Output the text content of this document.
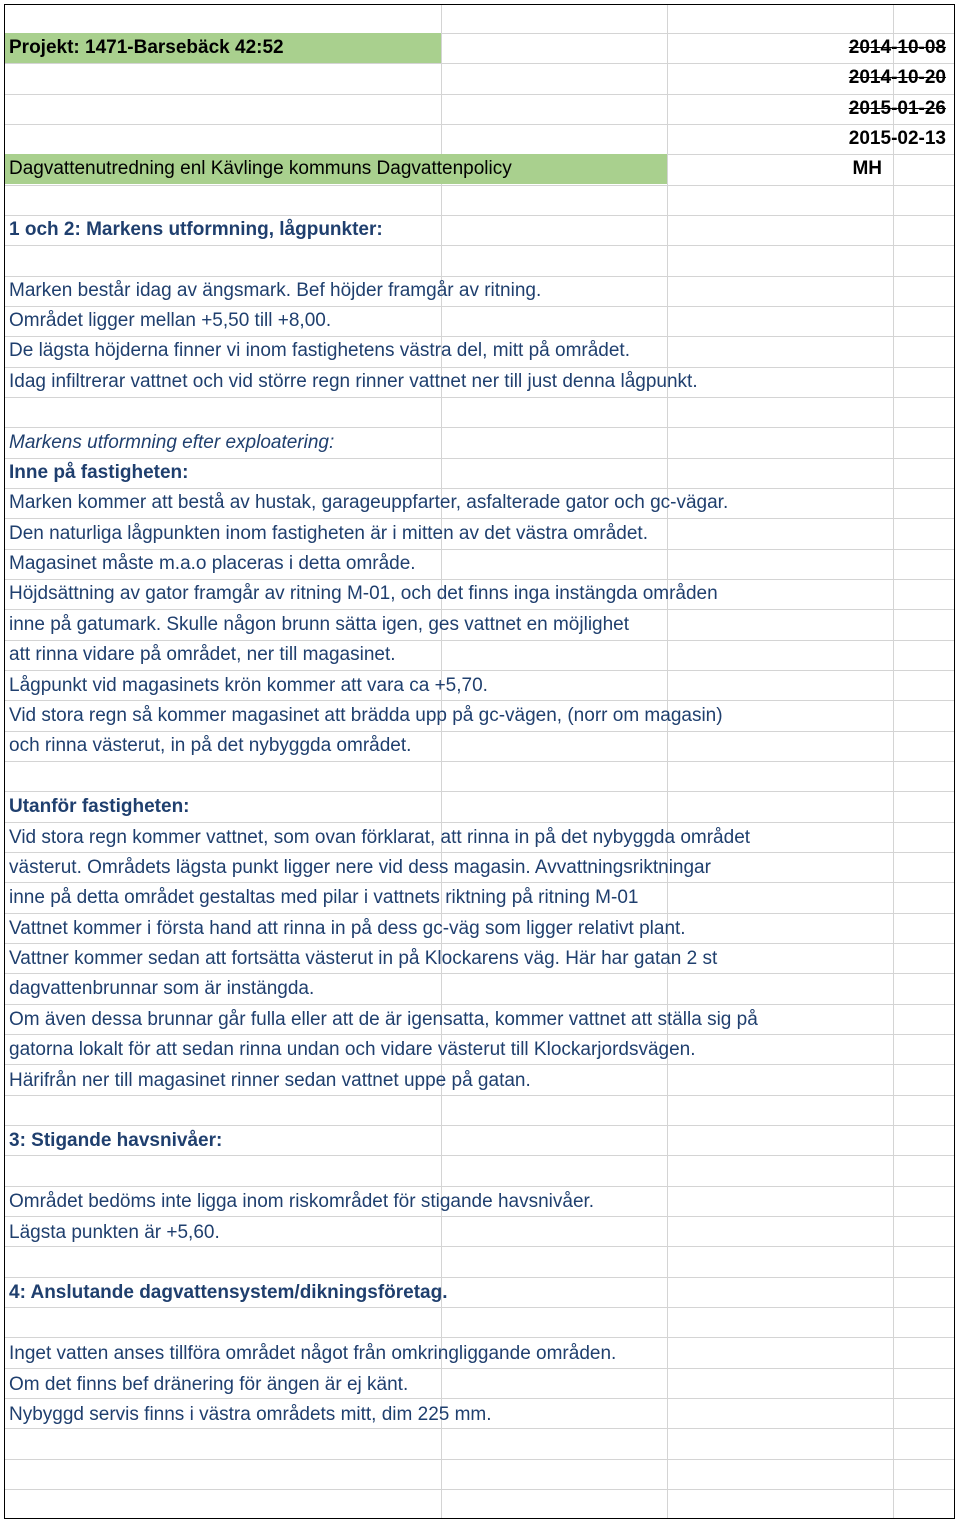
Projekt: 1471-Barsebäck 42:52
Dagvattenutredning enl Kävlinge kommuns Dagvattenpolicy
2014-10-08
2014-10-20
2015-01-26
2015-02-13
MH
1 och 2: Markens utformning, lågpunkter:
Marken består idag av ängsmark. Bef höjder framgår av ritning.
Området ligger mellan +5,50 till +8,00.
De lägsta höjderna finner vi inom fastighetens västra del, mitt på området.
Idag infiltrerar vattnet och vid större regn rinner vattnet ner till just denna lågpunkt.
Markens utformning efter exploatering:
Inne på fastigheten:
Marken kommer att bestå av hustak, garageuppfarter, asfalterade gator och gc-vägar.
Den naturliga lågpunkten inom fastigheten är i mitten av det västra området.
Magasinet måste m.a.o placeras i detta område.
Höjdsättning av gator framgår av ritning M-01, och det finns inga instängda områden
inne på gatumark. Skulle någon brunn sätta igen, ges vattnet en möjlighet
att rinna vidare på området, ner till magasinet.
Lågpunkt vid magasinets krön kommer att vara ca +5,70.
Vid stora regn så kommer magasinet att brädda upp på gc-vägen, (norr om magasin)
och rinna västerut, in på det nybyggda området.
Utanför fastigheten:
Vid stora regn kommer vattnet, som ovan förklarat, att rinna in på det nybyggda området
västerut. Områdets lägsta punkt ligger nere vid dess magasin. Avvattningsriktningar
inne på detta området gestaltas med pilar i vattnets riktning på ritning M-01
Vattnet kommer i första hand att rinna in på dess gc-väg som ligger relativt plant.
Vattner kommer sedan att fortsätta västerut in på Klockarens väg. Här har gatan 2 st
dagvattenbrunnar som är instängda.
Om även dessa brunnar går fulla eller att de är igensatta, kommer vattnet att ställa sig på
gatorna lokalt för att sedan rinna undan och vidare västerut till Klockarjordsvägen.
Härifrån ner till magasinet rinner sedan vattnet uppe på gatan.
3: Stigande havsnivåer:
Området bedöms inte ligga inom riskområdet för stigande havsnivåer.
Lägsta punkten är +5,60.
4: Anslutande dagvattensystem/dikningsföretag.
Inget vatten anses tillföra området något från omkringliggande områden.
Om det finns bef dränering för ängen är ej känt.
Nybyggd servis finns i västra områdets mitt, dim 225 mm.
